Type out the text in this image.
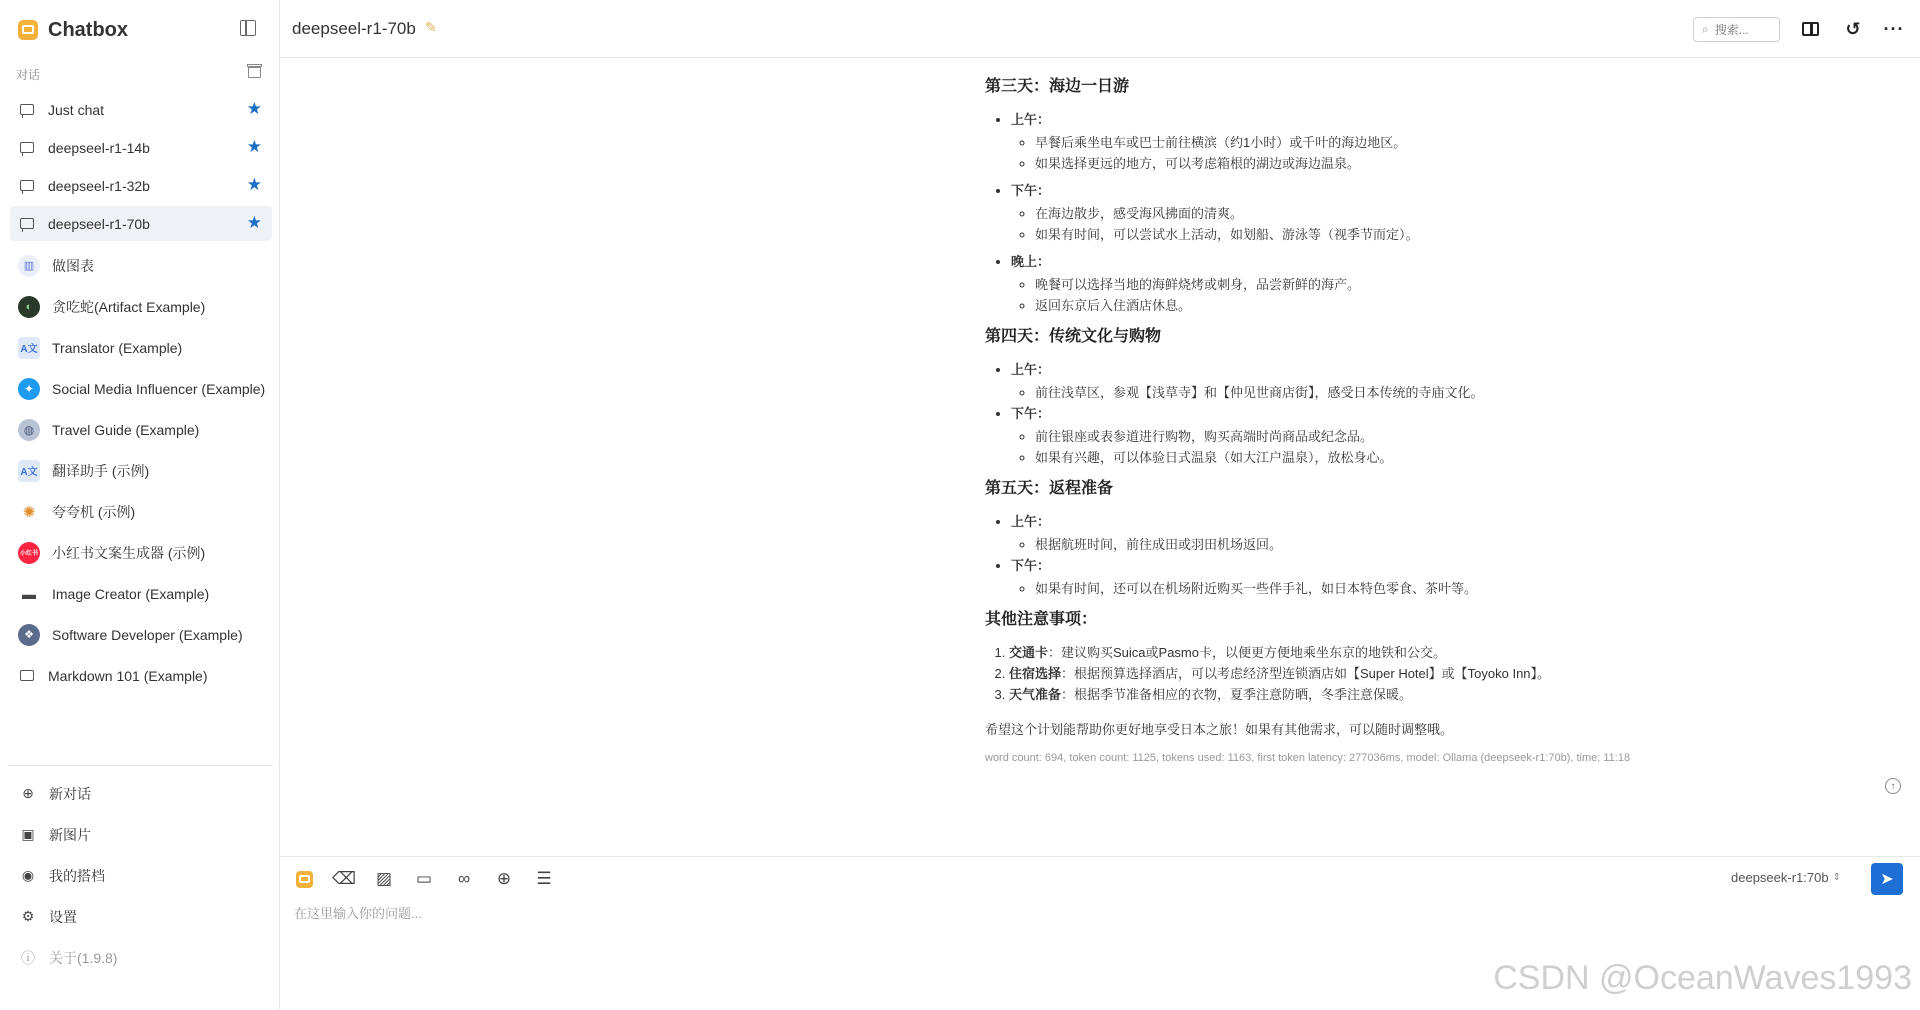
Chatbox
对话
Just chat	★
deepseel-r1-14b	★
deepseel-r1-32b	★
deepseel-r1-70b	★
▥	做图表
◐	贪吃蛇(Artifact Example)
A文 Translator (Example)
✦	Social Media Influencer (Example)
◍	Travel Guide (Example)
A文 翻译助手 (示例)
✺	夸夸机 (示例)
小红书 小红书文案生成器 (示例)
▬ Image Creator (Example)
❖	Software Developer (Example)
Markdown 101 (Example)
⊕ 新对话
▣ 新图片
◉ 我的搭档
⚙ 设置
ⓘ 关于(1.9.8)
deepseel-r1-70b ✎	⌕
搜索...	↺ ···
第三天：海边一日游
• 上午：
◦ 早餐后乘坐电车或巴士前往横滨（约1小时）或千叶的海边地区。
◦ 如果选择更远的地方，可以考虑箱根的湖边或海边温泉。
• 下午：
◦ 在海边散步，感受海风拂面的清爽。
◦ 如果有时间，可以尝试水上活动，如划船、游泳等（视季节而定）。
• 晚上：
◦ 晚餐可以选择当地的海鲜烧烤或刺身，品尝新鲜的海产。
◦ 返回东京后入住酒店休息。
第四天：传统文化与购物
• 上午：
◦ 前往浅草区，参观【浅草寺】和【仲见世商店街】，感受日本传统的寺庙文化。
• 下午：
◦ 前往银座或表参道进行购物，购买高端时尚商品或纪念品。
◦ 如果有兴趣，可以体验日式温泉（如大江户温泉），放松身心。
第五天：返程准备
• 上午：
◦ 根据航班时间，前往成田或羽田机场返回。
• 下午：
◦ 如果有时间，还可以在机场附近购买一些伴手礼，如日本特色零食、茶叶等。
其他注意事项：
1. 交通卡：建议购买Suica或Pasmo卡，以便更方便地乘坐东京的地铁和公交。
2. 住宿选择：根据预算选择酒店，可以考虑经济型连锁酒店如【Super Hotel】或【Toyoko Inn】。
3. 天气准备：根据季节准备相应的衣物，夏季注意防晒，冬季注意保暖。

希望这个计划能帮助你更好地享受日本之旅！如果有其他需求，可以随时调整哦。

word count: 694, token count: 1125, tokens used: 1163, first token latency: 277036ms, model: Ollama (deepseek-r1:70b), time: 11:18
↑
⌫ ▨ ▭ ∞ ⊕ ☰	deepseek-r1:70b ⇕ ➤
在这里输入你的问题...
CSDN @OceanWaves1993
